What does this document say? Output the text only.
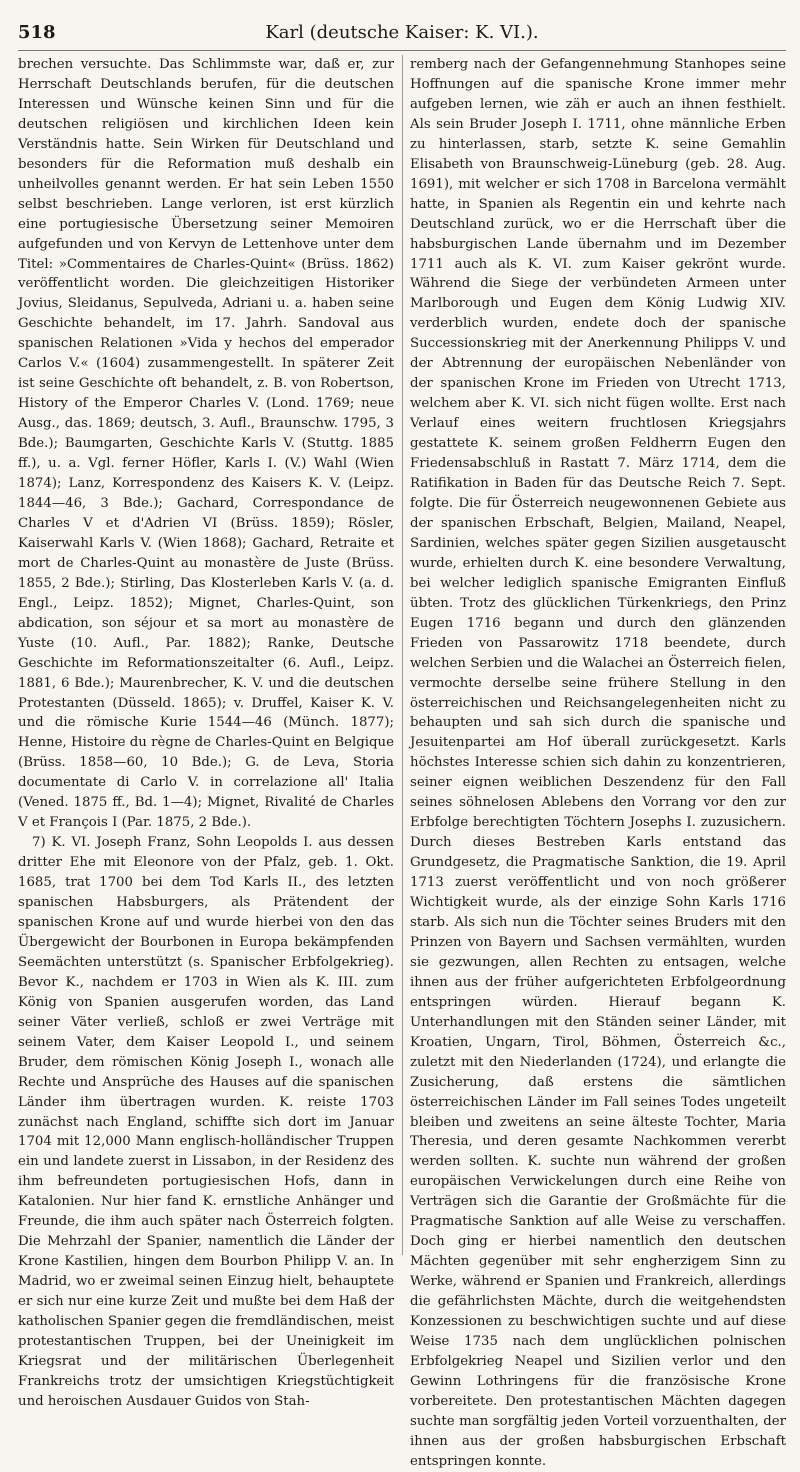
518	Karl (deutsche Kaiser: K. VI.).

brechen versuchte. Das Schlimmste war, daß er, zur Herrschaft Deutschlands berufen, für die deutschen Interessen und Wünsche keinen Sinn und für die deutschen religiösen und kirchlichen Ideen kein Verständnis hatte. Sein Wirken für Deutschland und besonders für die Reformation muß deshalb ein unheilvolles genannt werden. Er hat sein Leben 1550 selbst beschrieben. Lange verloren, ist erst kürzlich eine portugiesische Übersetzung seiner Memoiren aufgefunden und von Kervyn de Lettenhove unter dem Titel: »Commentaires de Charles-Quint« (Brüss. 1862) veröffentlicht worden. Die gleichzeitigen Historiker Jovius, Sleidanus, Sepulveda, Adriani u. a. haben seine Geschichte behandelt, im 17. Jahrh. Sandoval aus spanischen Relationen »Vida y hechos del emperador Carlos V.« (1604) zusammengestellt. In späterer Zeit ist seine Geschichte oft behandelt, z. B. von Robertson, History of the Emperor Charles V. (Lond. 1769; neue Ausg., das. 1869; deutsch, 3. Aufl., Braunschw. 1795, 3 Bde.); Baumgarten, Geschichte Karls V. (Stuttg. 1885 ff.), u. a. Vgl. ferner Höfler, Karls I. (V.) Wahl (Wien 1874); Lanz, Korrespondenz des Kaisers K. V. (Leipz. 1844—46, 3 Bde.); Gachard, Correspondance de Charles V et d'Adrien VI (Brüss. 1859); Rösler, Kaiserwahl Karls V. (Wien 1868); Gachard, Retraite et mort de Charles-Quint au monastère de Juste (Brüss. 1855, 2 Bde.); Stirling, Das Klosterleben Karls V. (a. d. Engl., Leipz. 1852); Mignet, Charles-Quint, son abdication, son séjour et sa mort au monastère de Yuste (10. Aufl., Par. 1882); Ranke, Deutsche Geschichte im Reformationszeitalter (6. Aufl., Leipz. 1881, 6 Bde.); Maurenbrecher, K. V. und die deutschen Protestanten (Düsseld. 1865); v. Druffel, Kaiser K. V. und die römische Kurie 1544—46 (Münch. 1877); Henne, Histoire du règne de Charles-Quint en Belgique (Brüss. 1858—60, 10 Bde.); G. de Leva, Storia documentate di Carlo V. in correlazione all' Italia (Vened. 1875 ff., Bd. 1—4); Mignet, Rivalité de Charles V et François I (Par. 1875, 2 Bde.).

7) K. VI. Joseph Franz, Sohn Leopolds I. aus dessen dritter Ehe mit Eleonore von der Pfalz, geb. 1. Okt. 1685, trat 1700 bei dem Tod Karls II., des letzten spanischen Habsburgers, als Prätendent der spanischen Krone auf und wurde hierbei von den das Übergewicht der Bourbonen in Europa bekämpfenden Seemächten unterstützt (s. Spanischer Erbfolgekrieg). Bevor K., nachdem er 1703 in Wien als K. III. zum König von Spanien ausgerufen worden, das Land seiner Väter verließ, schloß er zwei Verträge mit seinem Vater, dem Kaiser Leopold I., und seinem Bruder, dem römischen König Joseph I., wonach alle Rechte und Ansprüche des Hauses auf die spanischen Länder ihm übertragen wurden. K. reiste 1703 zunächst nach England, schiffte sich dort im Januar 1704 mit 12,000 Mann englisch-holländischer Truppen ein und landete zuerst in Lissabon, in der Residenz des ihm befreundeten portugiesischen Hofs, dann in Katalonien. Nur hier fand K. ernstliche Anhänger und Freunde, die ihm auch später nach Österreich folgten. Die Mehrzahl der Spanier, namentlich die Länder der Krone Kastilien, hingen dem Bourbon Philipp V. an. In Madrid, wo er zweimal seinen Einzug hielt, behauptete er sich nur eine kurze Zeit und mußte bei dem Haß der katholischen Spanier gegen die fremdländischen, meist protestantischen Truppen, bei der Uneinigkeit im Kriegsrat und der militärischen Überlegenheit Frankreichs trotz der umsichtigen Kriegstüchtigkeit und heroischen Ausdauer Guidos von Stah-

remberg nach der Gefangennehmung Stanhopes seine Hoffnungen auf die spanische Krone immer mehr aufgeben lernen, wie zäh er auch an ihnen festhielt. Als sein Bruder Joseph I. 1711, ohne männliche Erben zu hinterlassen, starb, setzte K. seine Gemahlin Elisabeth von Braunschweig-Lüneburg (geb. 28. Aug. 1691), mit welcher er sich 1708 in Barcelona vermählt hatte, in Spanien als Regentin ein und kehrte nach Deutschland zurück, wo er die Herrschaft über die habsburgischen Lande übernahm und im Dezember 1711 auch als K. VI. zum Kaiser gekrönt wurde. Während die Siege der verbündeten Armeen unter Marlborough und Eugen dem König Ludwig XIV. verderblich wurden, endete doch der spanische Successionskrieg mit der Anerkennung Philipps V. und der Abtrennung der europäischen Nebenländer von der spanischen Krone im Frieden von Utrecht 1713, welchem aber K. VI. sich nicht fügen wollte. Erst nach Verlauf eines weitern fruchtlosen Kriegsjahrs gestattete K. seinem großen Feldherrn Eugen den Friedensabschluß in Rastatt 7. März 1714, dem die Ratifikation in Baden für das Deutsche Reich 7. Sept. folgte. Die für Österreich neugewonnenen Gebiete aus der spanischen Erbschaft, Belgien, Mailand, Neapel, Sardinien, welches später gegen Sizilien ausgetauscht wurde, erhielten durch K. eine besondere Verwaltung, bei welcher lediglich spanische Emigranten Einfluß übten. Trotz des glücklichen Türkenkriegs, den Prinz Eugen 1716 begann und durch den glänzenden Frieden von Passarowitz 1718 beendete, durch welchen Serbien und die Walachei an Österreich fielen, vermochte derselbe seine frühere Stellung in den österreichischen und Reichsangelegenheiten nicht zu behaupten und sah sich durch die spanische und Jesuitenpartei am Hof überall zurückgesetzt. Karls höchstes Interesse schien sich dahin zu konzentrieren, seiner eignen weiblichen Deszendenz für den Fall seines söhnelosen Ablebens den Vorrang vor den zur Erbfolge berechtigten Töchtern Josephs I. zuzusichern. Durch dieses Bestreben Karls entstand das Grundgesetz, die Pragmatische Sanktion, die 19. April 1713 zuerst veröffentlicht und von noch größerer Wichtigkeit wurde, als der einzige Sohn Karls 1716 starb. Als sich nun die Töchter seines Bruders mit den Prinzen von Bayern und Sachsen vermählten, wurden sie gezwungen, allen Rechten zu entsagen, welche ihnen aus der früher aufgerichteten Erbfolgeordnung entspringen würden. Hierauf begann K. Unterhandlungen mit den Ständen seiner Länder, mit Kroatien, Ungarn, Tirol, Böhmen, Österreich &c., zuletzt mit den Niederlanden (1724), und erlangte die Zusicherung, daß erstens die sämtlichen österreichischen Länder im Fall seines Todes ungeteilt bleiben und zweitens an seine älteste Tochter, Maria Theresia, und deren gesamte Nachkommen vererbt werden sollten. K. suchte nun während der großen europäischen Verwickelungen durch eine Reihe von Verträgen sich die Garantie der Großmächte für die Pragmatische Sanktion auf alle Weise zu verschaffen. Doch ging er hierbei namentlich den deutschen Mächten gegenüber mit sehr engherzigem Sinn zu Werke, während er Spanien und Frankreich, allerdings die gefährlichsten Mächte, durch die weitgehendsten Konzessionen zu beschwichtigen suchte und auf diese Weise 1735 nach dem unglücklichen polnischen Erbfolgekrieg Neapel und Sizilien verlor und den Gewinn Lothringens für die französische Krone vorbereitete. Den protestantischen Mächten dagegen suchte man sorgfältig jeden Vorteil vorzuenthalten, der ihnen aus der großen habsburgischen Erbschaft entspringen konnte.
